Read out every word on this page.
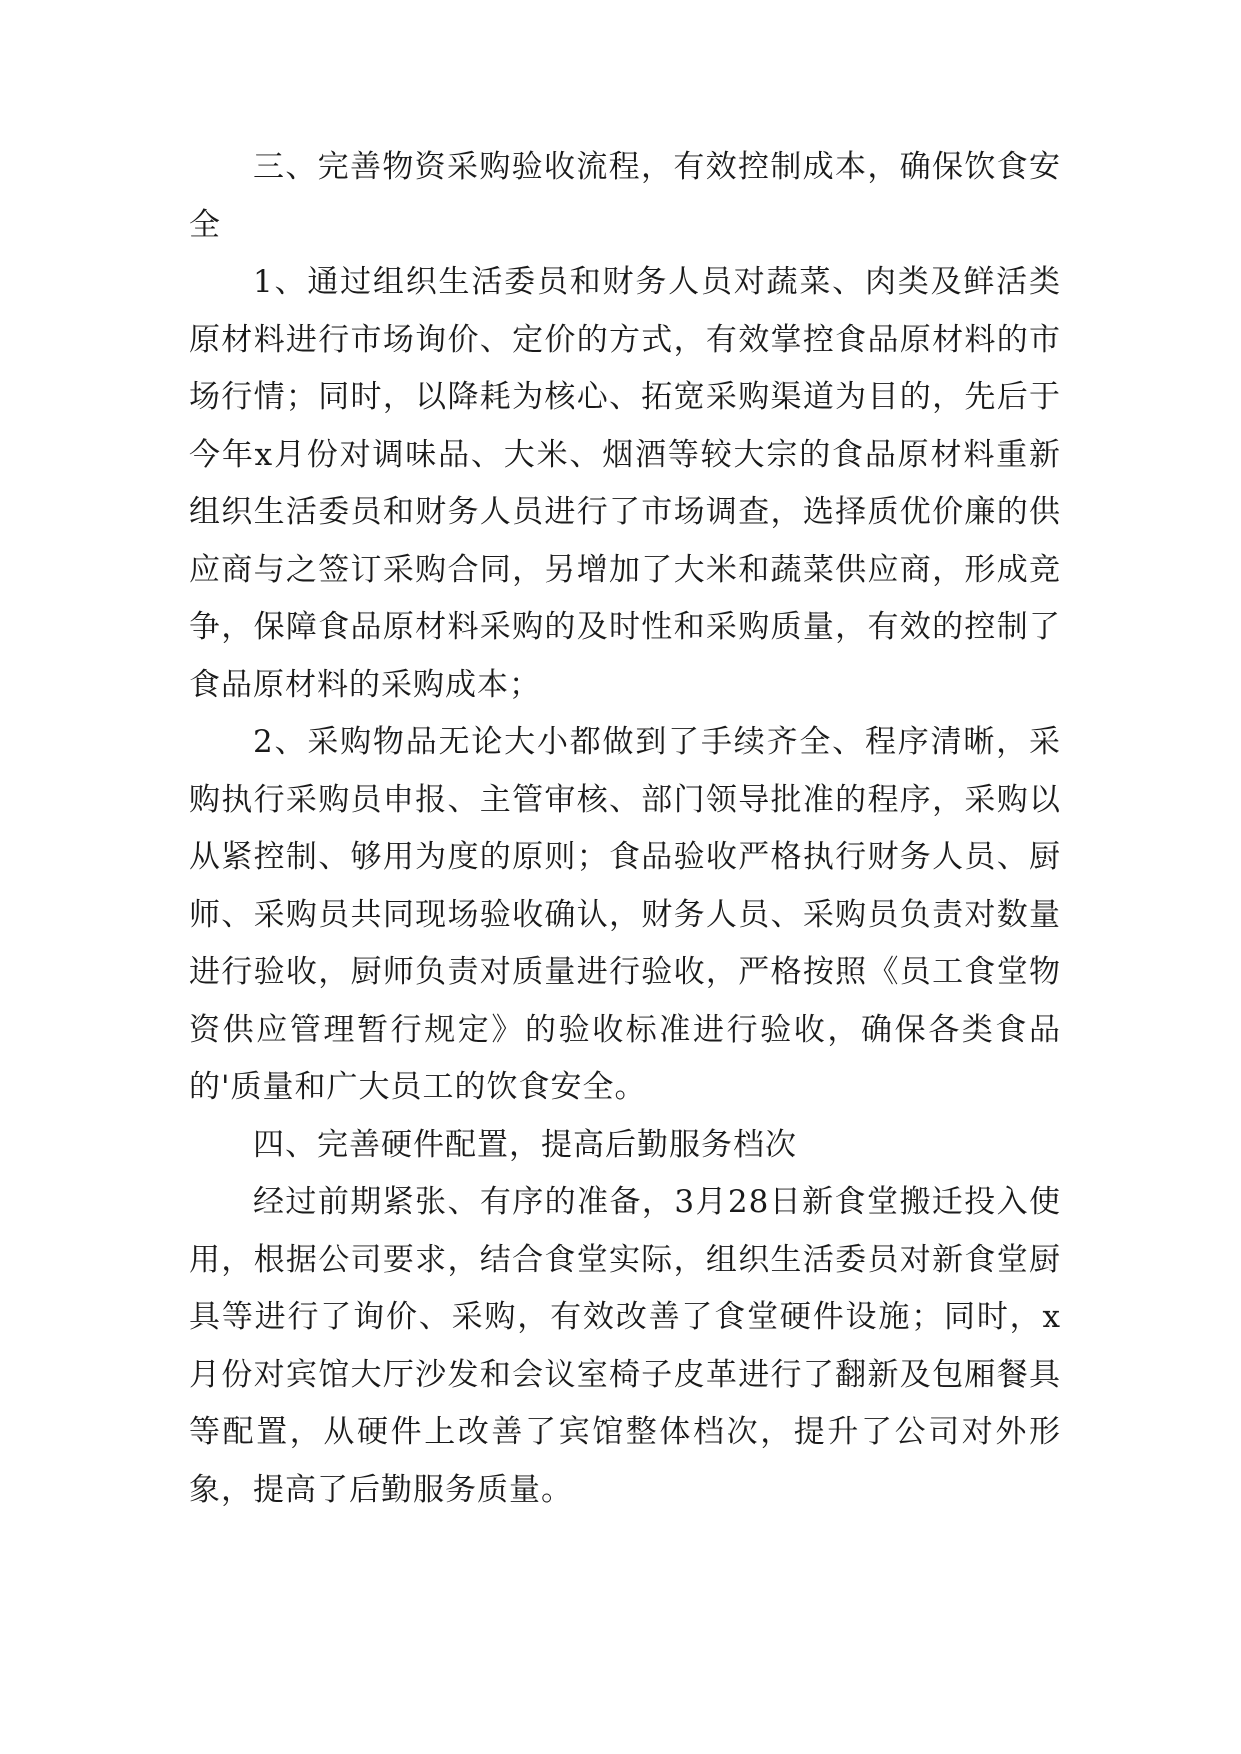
三、完善物资采购验收流程，有效控制成本，确保饮食安全

1、通过组织生活委员和财务人员对蔬菜、肉类及鲜活类原材料进行市场询价、定价的方式，有效掌控食品原材料的市场行情；同时，以降耗为核心、拓宽采购渠道为目的，先后于今年x月份对调味品、大米、烟酒等较大宗的食品原材料重新组织生活委员和财务人员进行了市场调查，选择质优价廉的供应商与之签订采购合同，另增加了大米和蔬菜供应商，形成竞争，保障食品原材料采购的及时性和采购质量，有效的控制了食品原材料的采购成本；

2、采购物品无论大小都做到了手续齐全、程序清晰，采购执行采购员申报、主管审核、部门领导批准的程序，采购以从紧控制、够用为度的原则；食品验收严格执行财务人员、厨师、采购员共同现场验收确认，财务人员、采购员负责对数量进行验收，厨师负责对质量进行验收，严格按照《员工食堂物资供应管理暂行规定》的验收标准进行验收，确保各类食品的'质量和广大员工的饮食安全。

四、完善硬件配置，提高后勤服务档次

经过前期紧张、有序的准备，3月28日新食堂搬迁投入使用，根据公司要求，结合食堂实际，组织生活委员对新食堂厨具等进行了询价、采购，有效改善了食堂硬件设施；同时，x月份对宾馆大厅沙发和会议室椅子皮革进行了翻新及包厢餐具等配置，从硬件上改善了宾馆整体档次，提升了公司对外形象，提高了后勤服务质量。
